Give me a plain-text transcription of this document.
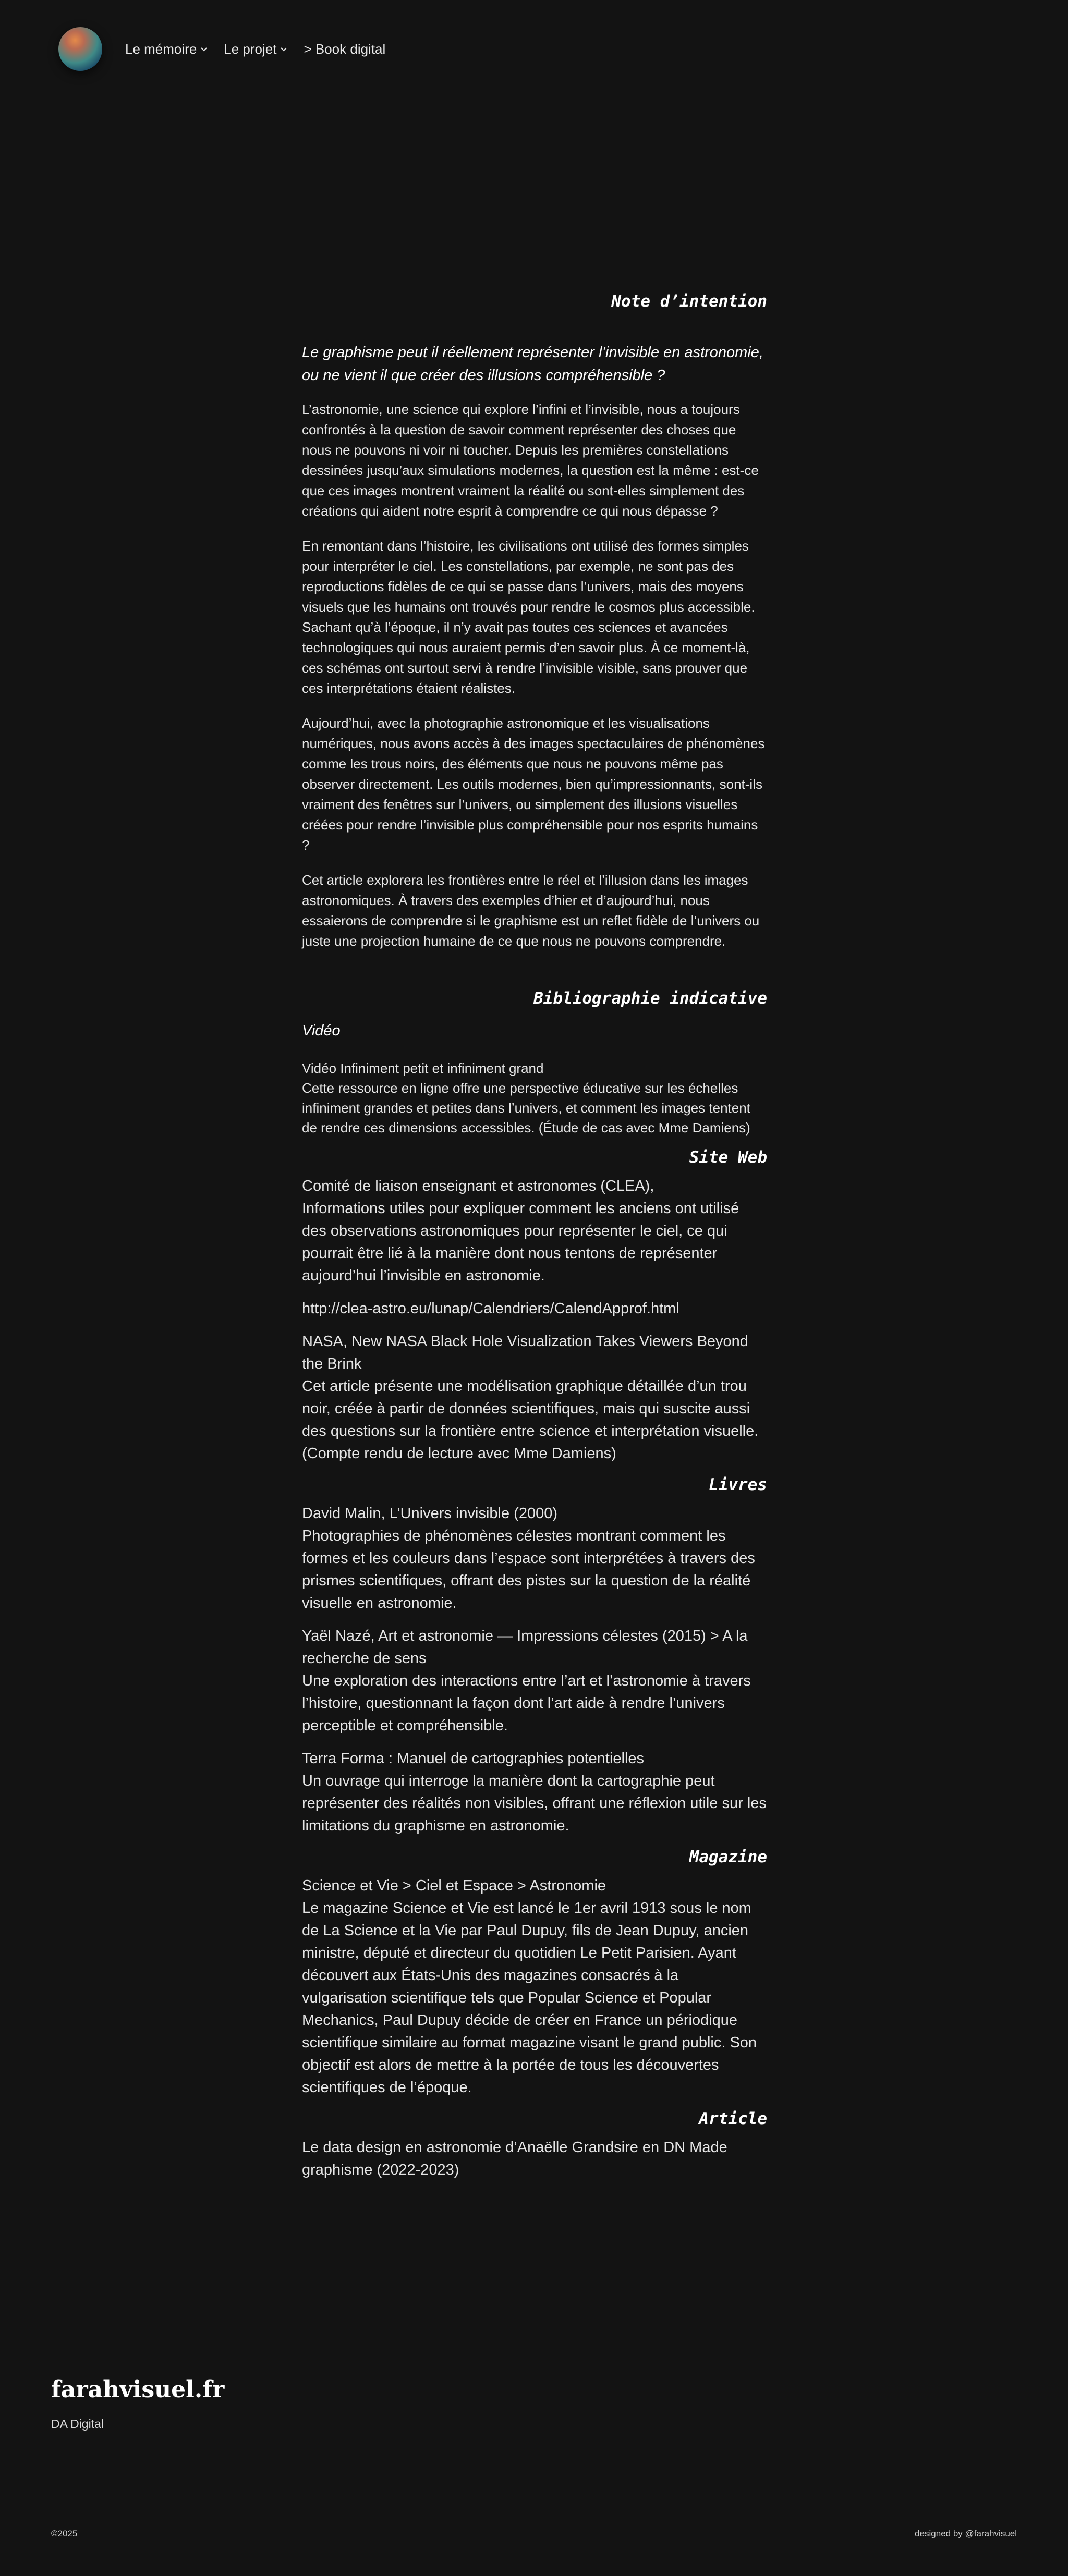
Le mémoire Le projet > Book digital
Note d’intention

Le graphisme peut il réellement représenter l’invisible en astronomie, ou ne vient il que créer des illusions compréhensible ?

L’astronomie, une science qui explore l’infini et l’invisible, nous a toujours confrontés à la question de savoir comment représenter des choses que nous ne pouvons ni voir ni toucher. Depuis les premières constellations dessinées jusqu’aux simulations modernes, la question est la même : est-ce que ces images montrent vraiment la réalité ou sont-elles simplement des créations qui aident notre esprit à comprendre ce qui nous dépasse ?

En remontant dans l’histoire, les civilisations ont utilisé des formes simples pour interpréter le ciel. Les constellations, par exemple, ne sont pas des reproductions fidèles de ce qui se passe dans l’univers, mais des moyens visuels que les humains ont trouvés pour rendre le cosmos plus accessible. Sachant qu’à l’époque, il n’y avait pas toutes ces sciences et avancées technologiques qui nous auraient permis d’en savoir plus. À ce moment-là, ces schémas ont surtout servi à rendre l’invisible visible, sans prouver que ces interprétations étaient réalistes.

Aujourd’hui, avec la photographie astronomique et les visualisations numériques, nous avons accès à des images spectaculaires de phénomènes comme les trous noirs, des éléments que nous ne pouvons même pas observer directement. Les outils modernes, bien qu’impressionnants, sont-ils vraiment des fenêtres sur l’univers, ou simplement des illusions visuelles créées pour rendre l’invisible plus compréhensible pour nos esprits humains ?

Cet article explorera les frontières entre le réel et l’illusion dans les images astronomiques. À travers des exemples d’hier et d’aujourd’hui, nous essaierons de comprendre si le graphisme est un reflet fidèle de l’univers ou juste une projection humaine de ce que nous ne pouvons comprendre.

Bibliographie indicative
Vidéo
Vidéo Infiniment petit et infiniment grand
Cette ressource en ligne offre une perspective éducative sur les échelles infiniment grandes et petites dans l’univers, et comment les images tentent de rendre ces dimensions accessibles. (Étude de cas avec Mme Damiens)
Site Web
Comité de liaison enseignant et astronomes (CLEA),
Informations utiles pour expliquer comment les anciens ont utilisé des observations astronomiques pour représenter le ciel, ce qui pourrait être lié à la manière dont nous tentons de représenter aujourd’hui l’invisible en astronomie.
http://clea-astro.eu/lunap/Calendriers/CalendApprof.html
NASA, New NASA Black Hole Visualization Takes Viewers Beyond the Brink
Cet article présente une modélisation graphique détaillée d’un trou noir, créée à partir de données scientifiques, mais qui suscite aussi des questions sur la frontière entre science et interprétation visuelle. (Compte rendu de lecture avec Mme Damiens)
Livres
David Malin, L’Univers invisible (2000)
Photographies de phénomènes célestes montrant comment les formes et les couleurs dans l’espace sont interprétées à travers des prismes scientifiques, offrant des pistes sur la question de la réalité visuelle en astronomie.
Yaël Nazé, Art et astronomie — Impressions célestes (2015) > A la recherche de sens
Une exploration des interactions entre l’art et l’astronomie à travers l’histoire, questionnant la façon dont l’art aide à rendre l’univers perceptible et compréhensible.
Terra Forma : Manuel de cartographies potentielles
Un ouvrage qui interroge la manière dont la cartographie peut représenter des réalités non visibles, offrant une réflexion utile sur les limitations du graphisme en astronomie.
Magazine
Science et Vie > Ciel et Espace > Astronomie
Le magazine Science et Vie est lancé le 1er avril 1913 sous le nom de La Science et la Vie par Paul Dupuy, fils de Jean Dupuy, ancien ministre, député et directeur du quotidien Le Petit Parisien. Ayant découvert aux États-Unis des magazines consacrés à la vulgarisation scientifique tels que Popular Science et Popular Mechanics, Paul Dupuy décide de créer en France un périodique scientifique similaire au format magazine visant le grand public. Son objectif est alors de mettre à la portée de tous les découvertes scientifiques de l’époque.
Article
Le data design en astronomie d’Anaëlle Grandsire en DN Made graphisme (2022-2023)
farahvisuel.fr
DA Digital
©2025	designed by @farahvisuel
